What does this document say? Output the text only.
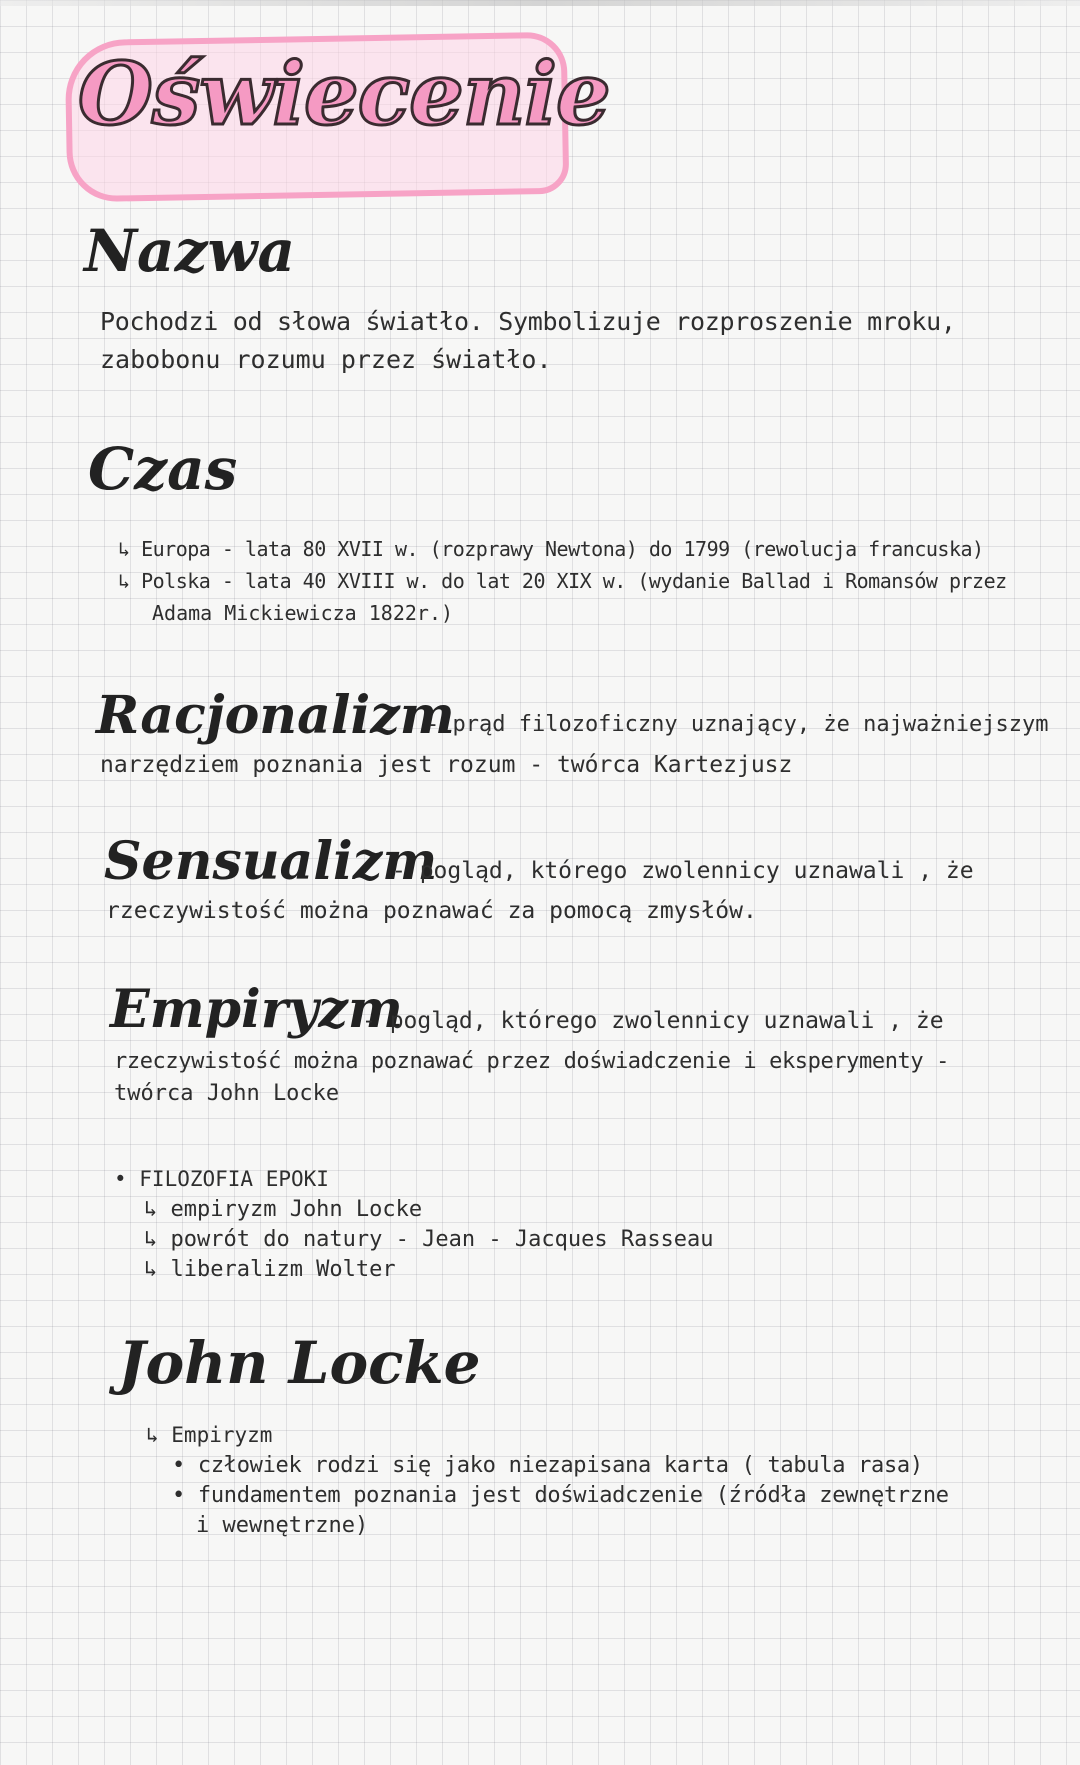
Oświecenie
Nazwa
Pochodzi od słowa światło. Symbolizuje rozproszenie mroku,
zabobonu rozumu przez światło.
Czas
↳ Europa - lata 80 XVII w. (rozprawy Newtona) do 1799 (rewolucja francuska)
↳ Polska - lata 40 XVIII w. do lat 20 XIX w. (wydanie Ballad i Romansów przez
Adama Mickiewicza 1822r.)
Racjonalizm
- prąd filozoficzny uznający, że najważniejszym
narzędziem poznania jest rozum - twórca Kartezjusz
Sensualizm
- pogląd, którego zwolennicy uznawali , że
rzeczywistość można poznawać za pomocą zmysłów.
Empiryzm
- pogląd, którego zwolennicy uznawali , że
rzeczywistość można poznawać przez doświadczenie i eksperymenty -
twórca John Locke
• FILOZOFIA EPOKI
↳ empiryzm John Locke
↳ powrót do natury - Jean - Jacques Rasseau
↳ liberalizm Wolter
John Locke
↳ Empiryzm
• człowiek rodzi się jako niezapisana karta ( tabula rasa)
• fundamentem poznania jest doświadczenie (źródła zewnętrzne
i wewnętrzne)
